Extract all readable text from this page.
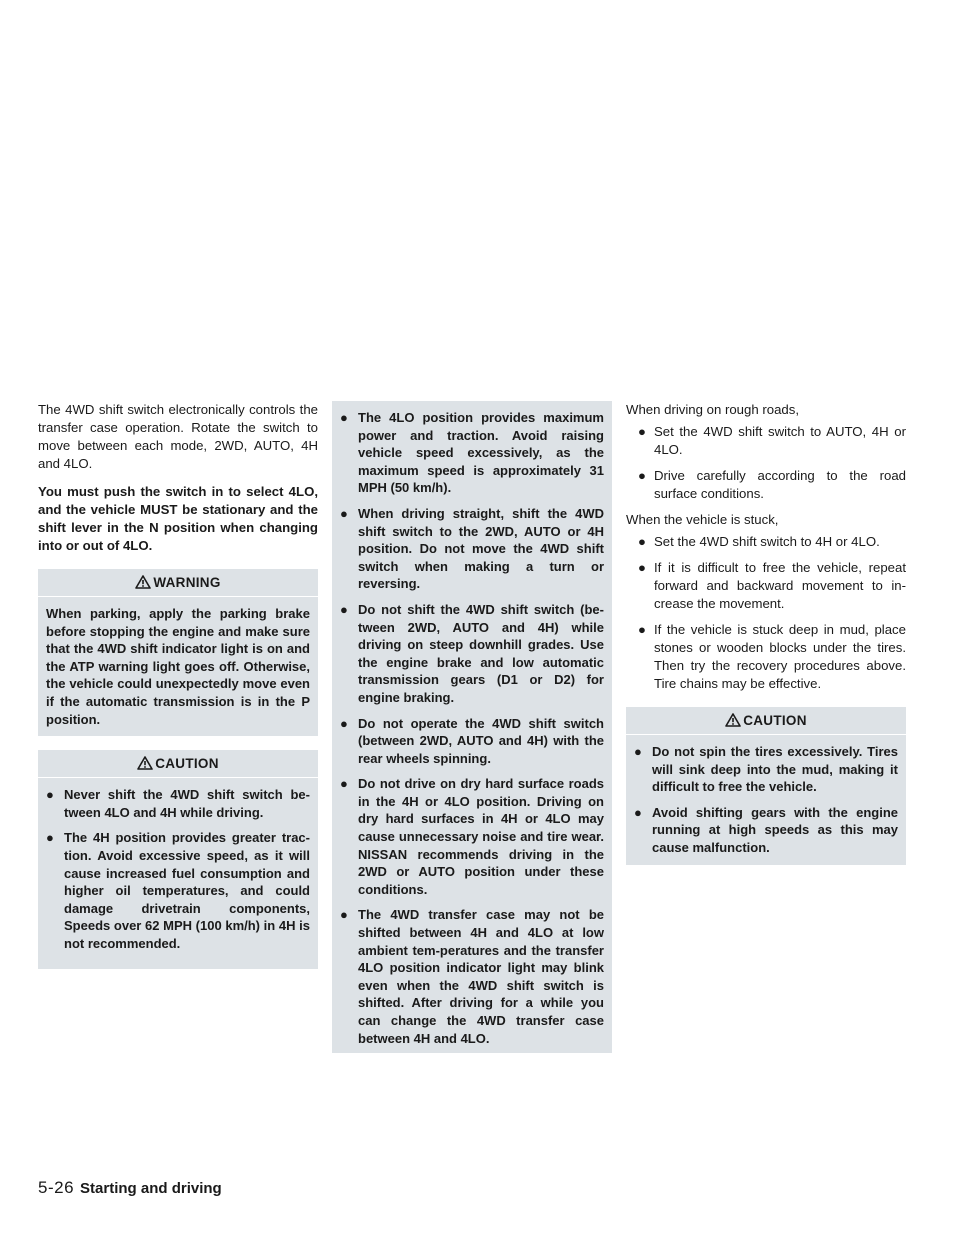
The 4WD shift switch electronically controls the transfer case operation. Rotate the switch to move between each mode, 2WD, AUTO, 4H and 4LO.

You must push the switch in to select 4LO, and the vehicle MUST be stationary and the shift lever in the N position when changing into or out of 4LO.

WARNING

When parking, apply the parking brake before stopping the engine and make sure that the 4WD shift indicator light is on and the ATP warning light goes off. Otherwise, the vehicle could unexpectedly move even if the automatic transmission is in the P position.

CAUTION
● Never shift the 4WD shift switch be-tween 4LO and 4H while driving.
● The 4H position provides greater trac-tion. Avoid excessive speed, as it will cause increased fuel consumption and higher oil temperatures, and could damage drivetrain components, Speeds over 62 MPH (100 km/h) in 4H is not recommended.
● The 4LO position provides maximum power and traction. Avoid raising vehicle speed excessively, as the maximum speed is approximately 31 MPH (50 km/h).
● When driving straight, shift the 4WD shift switch to the 2WD, AUTO or 4H position. Do not move the 4WD shift switch when making a turn or reversing.
● Do not shift the 4WD shift switch (be-tween 2WD, AUTO and 4H) while driving on steep downhill grades. Use the engine brake and low automatic transmission gears (D1 or D2) for engine braking.
● Do not operate the 4WD shift switch (between 2WD, AUTO and 4H) with the rear wheels spinning.
● Do not drive on dry hard surface roads in the 4H or 4LO position. Driving on dry hard surfaces in 4H or 4LO may cause unnecessary noise and tire wear. NISSAN recommends driving in the 2WD or AUTO position under these conditions.
● The 4WD transfer case may not be shifted between 4H and 4LO at low ambient tem-peratures and the transfer 4LO position indicator light may blink even when the 4WD shift switch is shifted. After driving for a while you can change the 4WD transfer case between 4H and 4LO.

When driving on rough roads,

● Set the 4WD shift switch to AUTO, 4H or 4LO.
● Drive carefully according to the road surface conditions.

When the vehicle is stuck,

● Set the 4WD shift switch to 4H or 4LO.
● If it is difficult to free the vehicle, repeat forward and backward movement to in-crease the movement.
● If the vehicle is stuck deep in mud, place stones or wooden blocks under the tires. Then try the recovery procedures above. Tire chains may be effective.
CAUTION
● Do not spin the tires excessively. Tires will sink deep into the mud, making it difficult to free the vehicle.
● Avoid shifting gears with the engine running at high speeds as this may cause malfunction.
5-26 Starting and driving
